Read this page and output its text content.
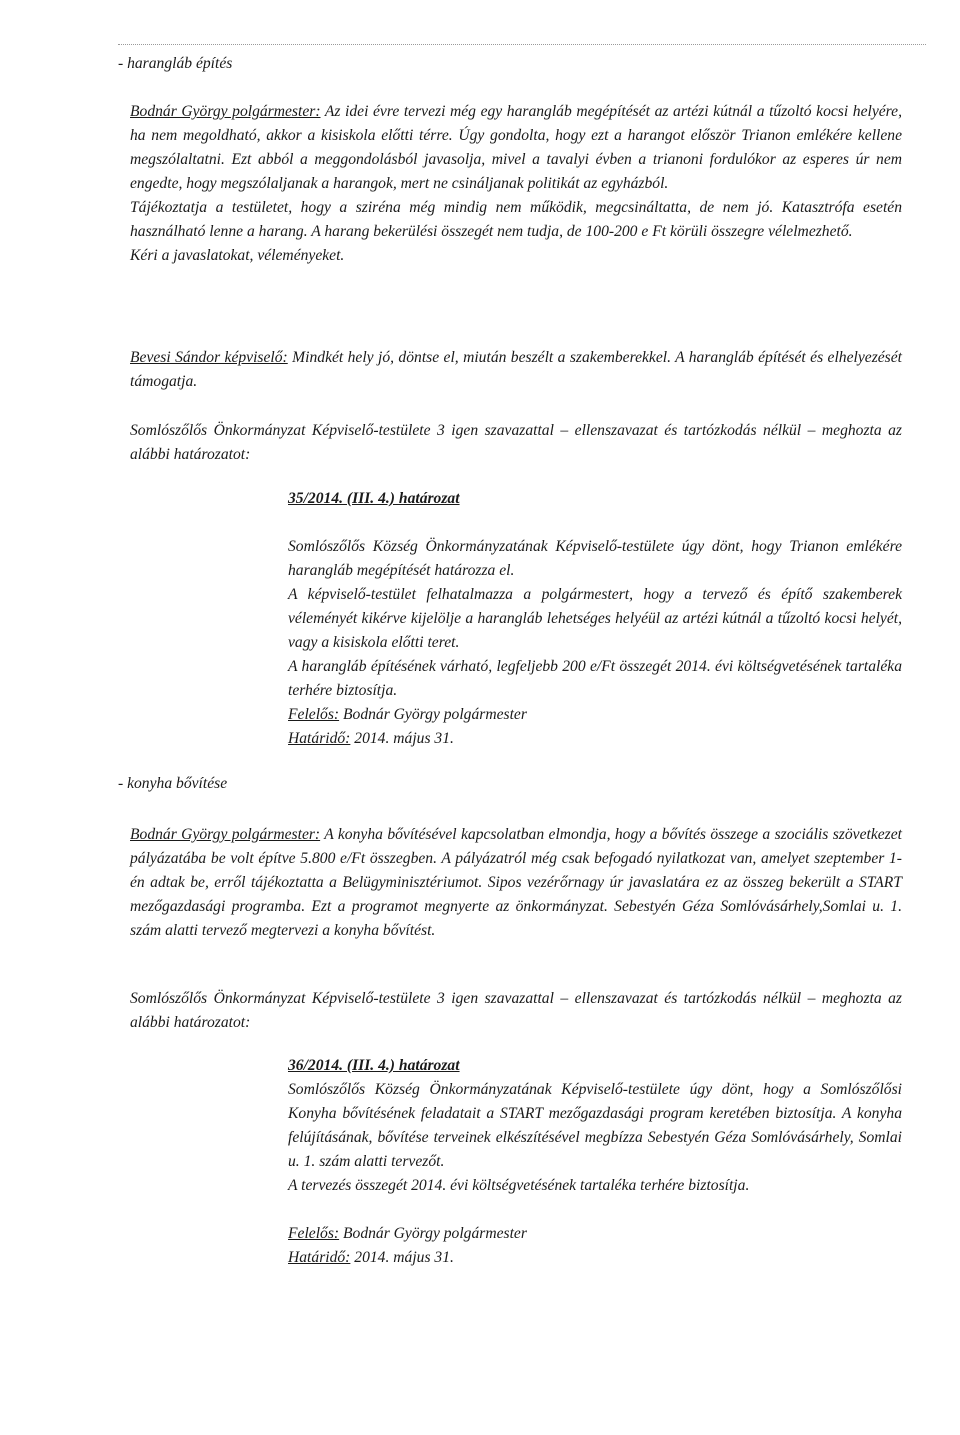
- harangláb építés

Bodnár György polgármester: Az idei évre tervezi még egy harangláb megépítését az artézi kútnál a tűzoltó kocsi helyére, ha nem megoldható, akkor a kisiskola előtti térre. Úgy gondolta, hogy ezt a harangot először Trianon emlékére kellene megszólaltatni. Ezt abból a meggondolásból javasolja, mivel a tavalyi évben a trianoni fordulókor az esperes úr nem engedte, hogy megszólaljanak a harangok, mert ne csináljanak politikát az egyházból.

Tájékoztatja a testületet, hogy a sziréna még mindig nem működik, megcsináltatta, de nem jó. Katasztrófa esetén használható lenne a harang. A harang bekerülési összegét nem tudja, de 100-200 e Ft körüli összegre vélelmezhető.

Kéri a javaslatokat, véleményeket.

Bevesi Sándor képviselő: Mindkét hely jó, döntse el, miután beszélt a szakemberekkel. A harangláb építését és elhelyezését támogatja.

Somlószőlős Önkormányzat Képviselő-testülete 3 igen szavazattal – ellenszavazat és tartózkodás nélkül – meghozta az alábbi határozatot:

35/2014. (III. 4.) határozat

Somlószőlős Község Önkormányzatának Képviselő-testülete úgy dönt, hogy Trianon emlékére harangláb megépítését határozza el.

A képviselő-testület felhatalmazza a polgármestert, hogy a tervező és építő szakemberek véleményét kikérve kijelölje a harangláb lehetséges helyéül az artézi kútnál a tűzoltó kocsi helyét, vagy a kisiskola előtti teret.

A harangláb építésének várható, legfeljebb 200 e/Ft összegét 2014. évi költségvetésének tartaléka terhére biztosítja.

Felelős: Bodnár György polgármester

Határidő: 2014. május 31.

- konyha bővítése

Bodnár György polgármester: A konyha bővítésével kapcsolatban elmondja, hogy a bővítés összege a szociális szövetkezet pályázatába be volt építve 5.800 e/Ft összegben. A pályázatról még csak befogadó nyilatkozat van, amelyet szeptember 1-én adtak be, erről tájékoztatta a Belügyminisztériumot. Sipos vezérőrnagy úr javaslatára ez az összeg bekerült a START mezőgazdasági programba. Ezt a programot megnyerte az önkormányzat. Sebestyén Géza Somlóvásárhely,Somlai u. 1. szám alatti tervező megtervezi a konyha bővítést.

Somlószőlős Önkormányzat Képviselő-testülete 3 igen szavazattal – ellenszavazat és tartózkodás nélkül – meghozta az alábbi határozatot:

36/2014. (III. 4.) határozat

Somlószőlős Község Önkormányzatának Képviselő-testülete úgy dönt, hogy a Somlószőlősi Konyha bővítésének feladatait a START mezőgazdasági program keretében biztosítja. A konyha felújításának, bővítése terveinek elkészítésével megbízza Sebestyén Géza Somlóvásárhely, Somlai u. 1. szám alatti tervezőt.

A tervezés összegét 2014. évi költségvetésének tartaléka terhére biztosítja.

Felelős: Bodnár György polgármester

Határidő: 2014. május 31.
